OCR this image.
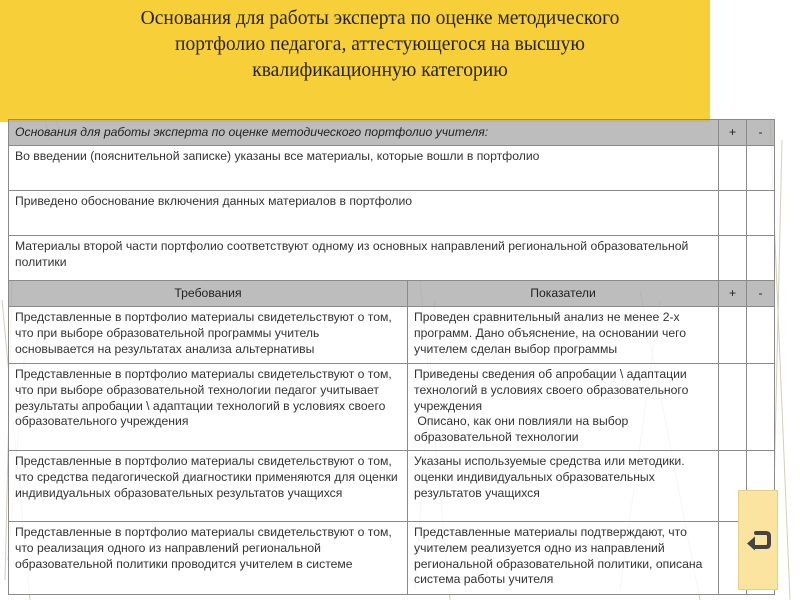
Основания для работы эксперта по оценке методического портфолио педагога, аттестующегося на высшую квалификационную категорию
Основания для работы эксперта по оценке методического портфолио учителя:		+	-
Во введении (пояснительной записке) указаны все материалы, которые вошли в портфолио			
Приведено обоснование включения данных материалов в портфолио			
Материалы второй части портфолио соответствуют одному из основных направлений региональной образовательной политики			
Требования	Показатели	+	-
Представленные в портфолио материалы свидетельствуют о том, что при выборе образовательной программы учитель основывается на результатах анализа альтернативы	Проведен сравнительный анализ не менее 2-х программ. Дано объяснение, на основании чего учителем сделан выбор программы		

Представленные в портфолио материалы свидетельствуют о том, что при выборе образовательной технологии педагог учитывает результаты апробации \ адаптации технологий в условиях своего образовательного учреждения	Приведены сведения об апробации \ адаптации технологий в условиях своего образовательного учреждения
Описано, как они повлияли на выбор образовательной технологии		

Представленные в портфолио материалы свидетельствуют о том, что средства педагогической диагностики применяются для оценки индивидуальных образовательных результатов учащихся	Указаны используемые средства или методики. оценки индивидуальных образовательных результатов учащихся		

Представленные в портфолио материалы свидетельствуют о том, что реализация одного из направлений региональной образовательной политики проводится учителем в системе	Представленные материалы подтверждают, что учителем реализуется одно из направлений региональной образовательной политики, описана система работы учителя		
